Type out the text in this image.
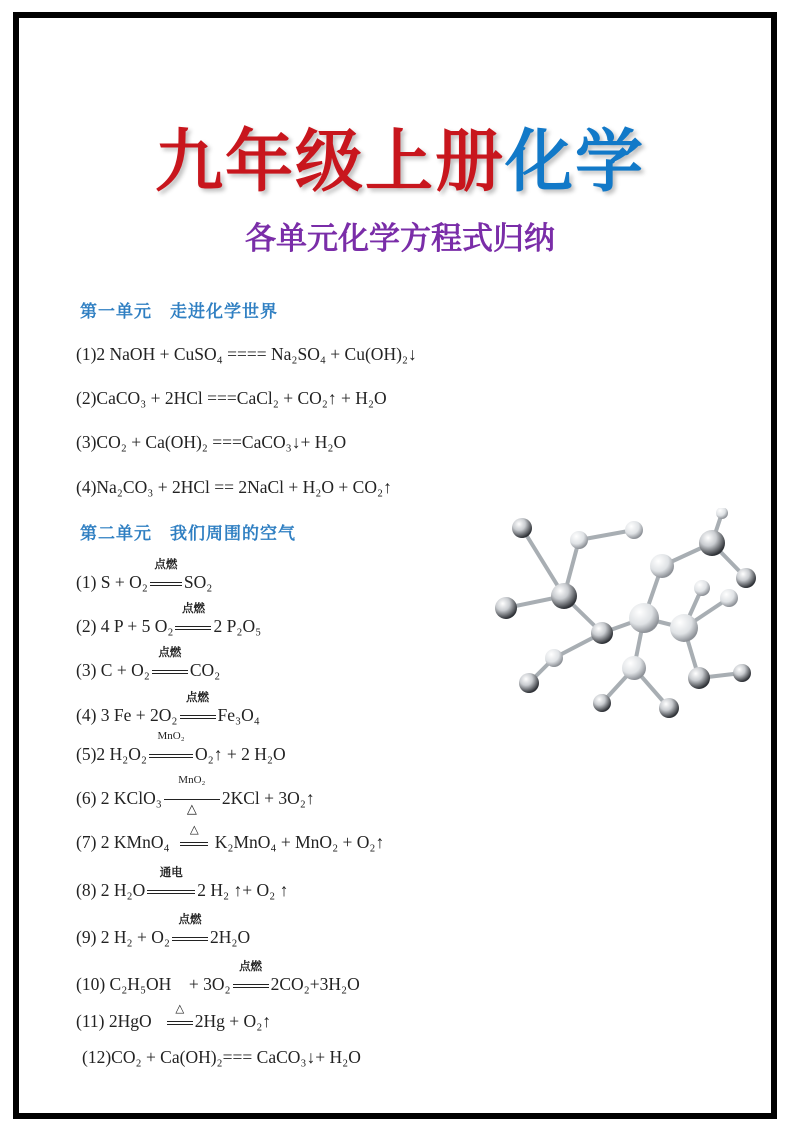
九年级上册化学
各单元化学方程式归纳
第一单元　走进化学世界
(1)2 NaOH + CuSO₄ ==== Na₂SO₄ + Cu(OH)₂↓
(2)CaCO₃ + 2HCl ===CaCl₂ + CO₂↑ + H₂O
(3)CO₂ + Ca(OH)₂ ===CaCO₃↓+ H₂O
(4)Na₂CO₃ + 2HCl == 2NaCl + H₂O + CO₂↑
第二单元　我们周围的空气
(1) S + O₂
点燃
SO₂
(2) 4 P + 5 O₂
点燃
2 P₂O₅
(3) C + O₂
点燃
CO₂
(4) 3 Fe + 2O₂
点燃
Fe₃O₄
(5)2 H₂O₂
MnO₂
O₂↑ + 2 H₂O
(6) 2 KClO₃
MnO₂
△
2KCl + 3O₂↑
(7) 2 KMnO₄
△
K₂MnO₄ + MnO₂ + O₂↑
(8) 2 H₂O
通电
2 H₂ ↑+ O₂ ↑
(9) 2 H₂ + O₂
点燃
2H₂O
(10) C₂H₅OH　+ 3O₂
点燃
2CO₂+3H₂O
(11) 2HgO
△
2Hg + O₂↑
(12)CO₂ + Ca(OH)₂=== CaCO₃↓+ H₂O
